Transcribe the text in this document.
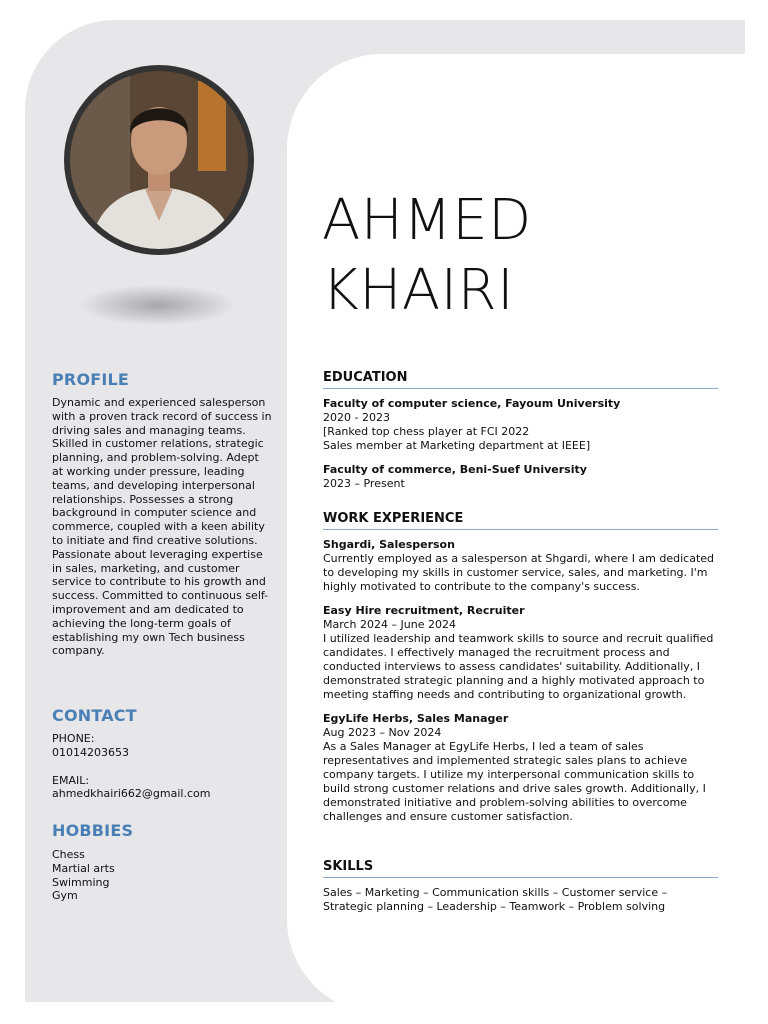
PROFILE

Dynamic and experienced salesperson with a proven track record of success in driving sales and managing teams. Skilled in customer relations, strategic planning, and problem-solving. Adept at working under pressure, leading teams, and developing interpersonal relationships. Possesses a strong background in computer science and commerce, coupled with a keen ability to initiate and find creative solutions. Passionate about leveraging expertise in sales, marketing, and customer service to contribute to his growth and success. Committed to continuous self-improvement and am dedicated to achieving the long-term goals of establishing my own Tech business company.

CONTACT

PHONE:

01014203653

EMAIL:

ahmedkhairi662@gmail.com

HOBBIES

Chess

Martial arts

Swimming

Gym

AHMED
KHAIRI
EDUCATION

Faculty of computer science, Fayoum University

2020 - 2023

[Ranked top chess player at FCI 2022

Sales member at Marketing department at IEEE]

Faculty of commerce, Beni-Suef University

2023 – Present

WORK EXPERIENCE

Shgardi, Salesperson

Currently employed as a salesperson at Shgardi, where I am dedicated to developing my skills in customer service, sales, and marketing. I'm highly motivated to contribute to the company's success.

Easy Hire recruitment, Recruiter

March 2024 – June 2024

I utilized leadership and teamwork skills to source and recruit qualified candidates. I effectively managed the recruitment process and conducted interviews to assess candidates' suitability. Additionally, I demonstrated strategic planning and a highly motivated approach to meeting staffing needs and contributing to organizational growth.

EgyLife Herbs, Sales Manager

Aug 2023 – Nov 2024

As a Sales Manager at EgyLife Herbs, I led a team of sales representatives and implemented strategic sales plans to achieve company targets. I utilize my interpersonal communication skills to build strong customer relations and drive sales growth. Additionally, I demonstrated initiative and problem-solving abilities to overcome challenges and ensure customer satisfaction.

SKILLS
Sales – Marketing – Communication skills – Customer service – Strategic planning – Leadership – Teamwork – Problem solving
